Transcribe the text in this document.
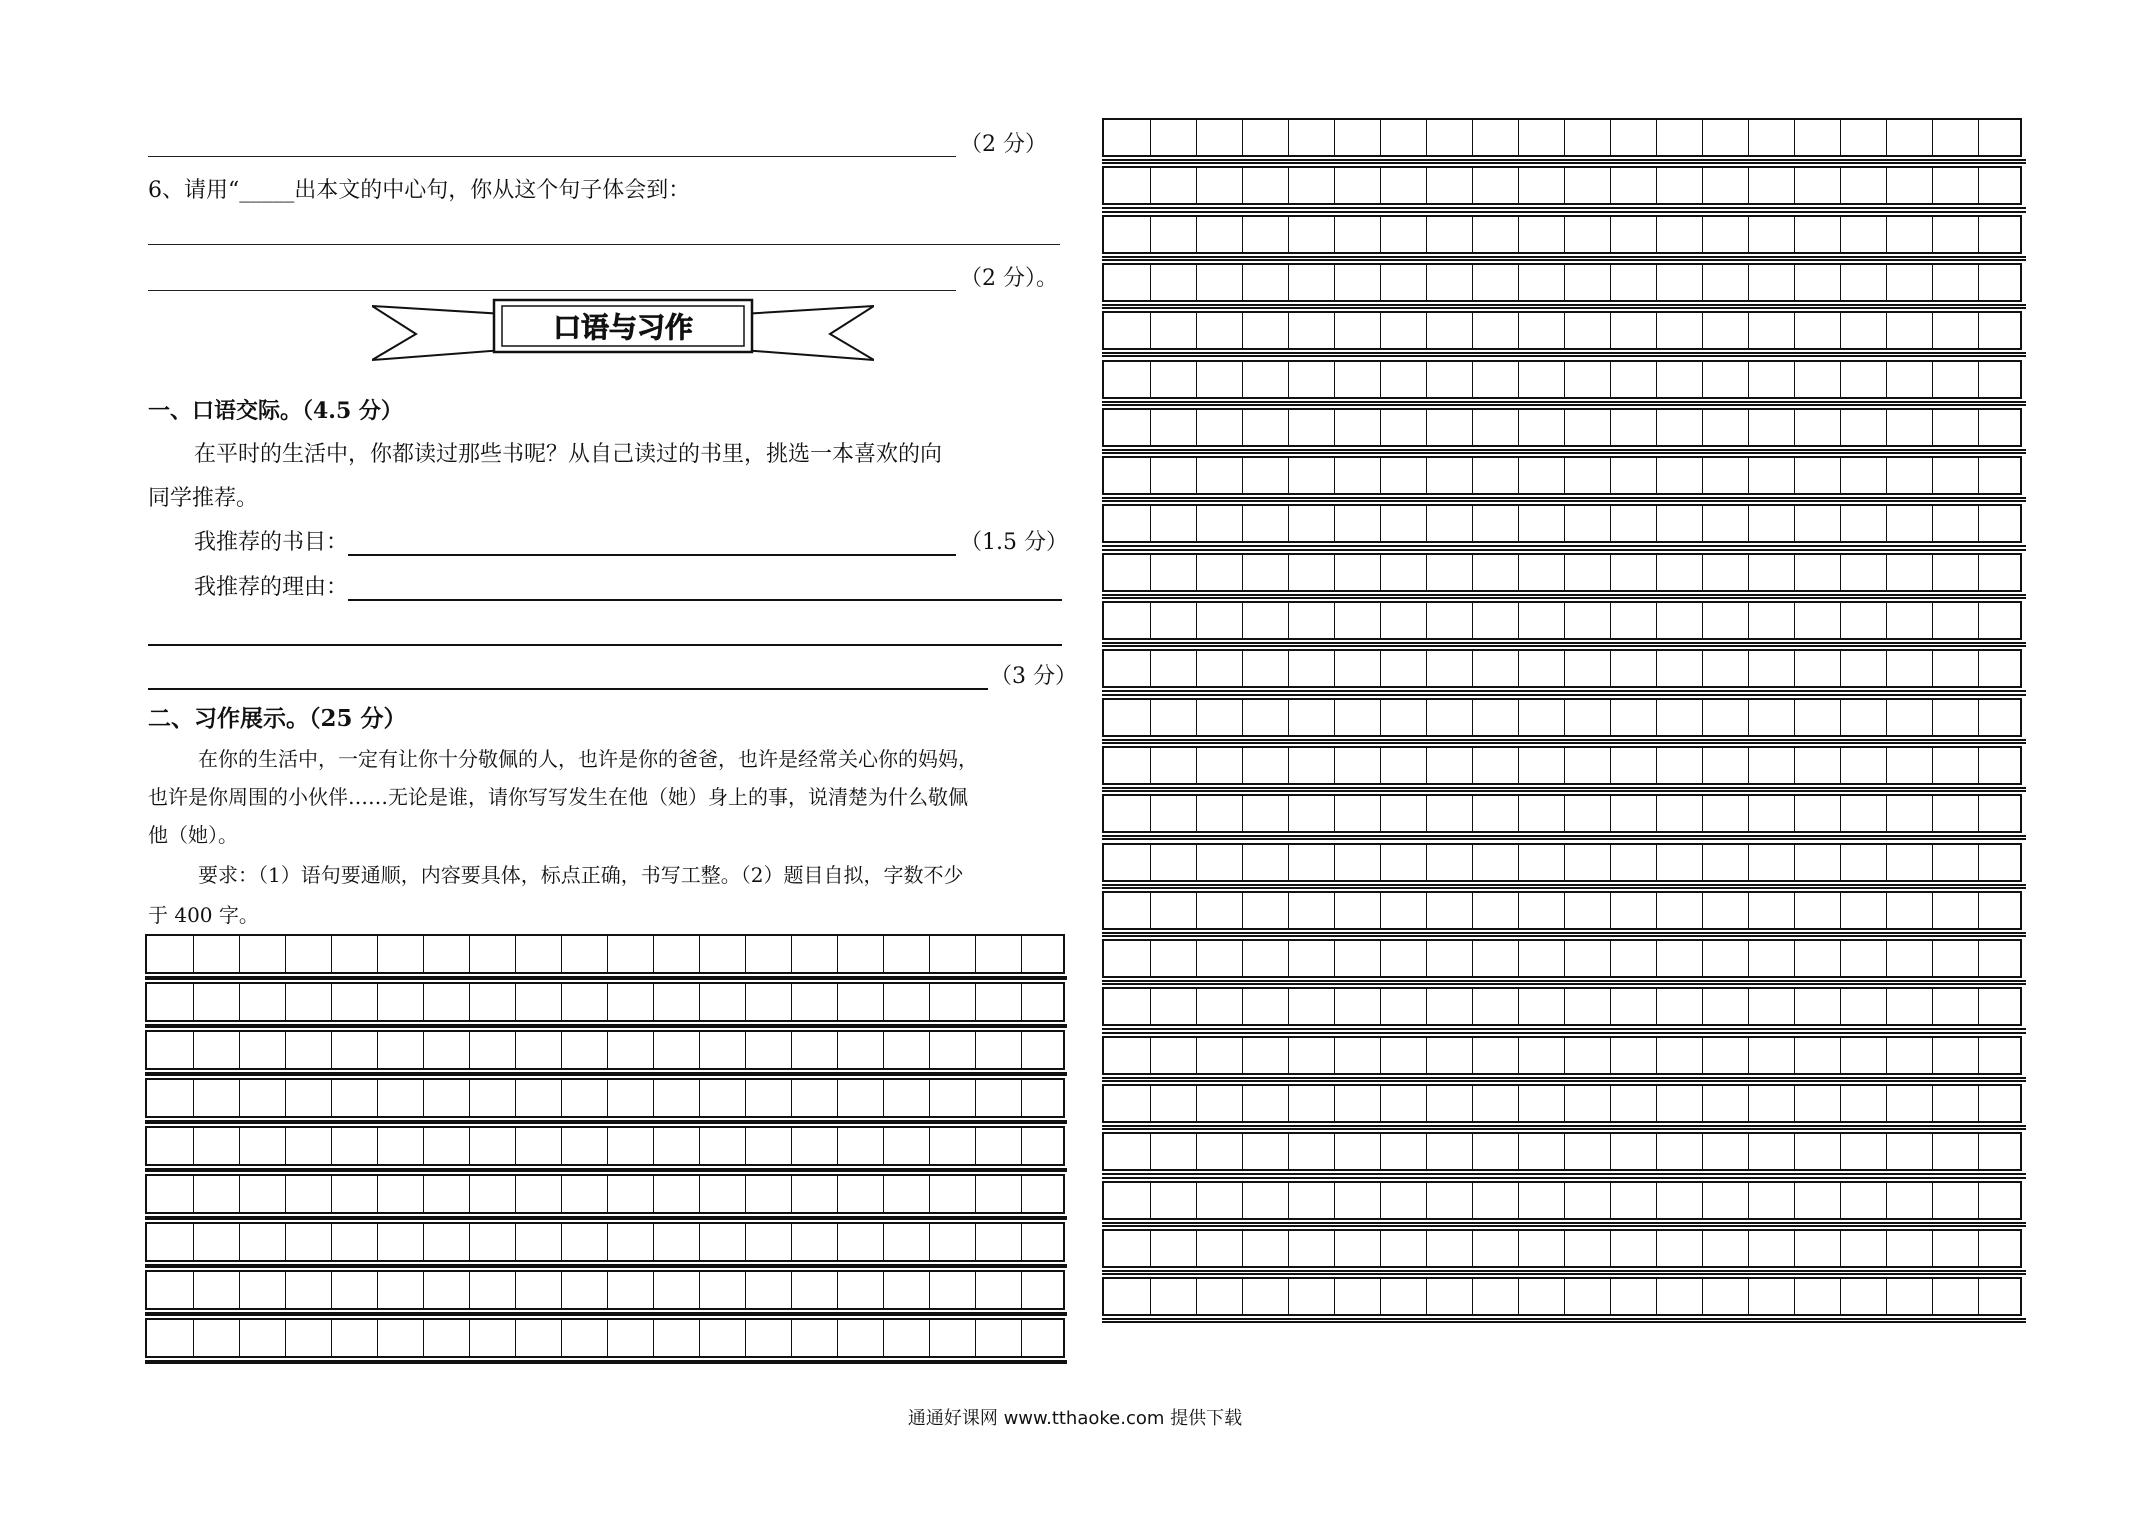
（2 分）
6、请用“_____出本文的中心句，你从这个句子体会到：
（2 分）。
口语与习作
一、口语交际。（4.5 分）
在平时的生活中，你都读过那些书呢？从自己读过的书里，挑选一本喜欢的向
同学推荐。
我推荐的书目：	（1.5 分）
我推荐的理由：
（3 分）
二、习作展示。（25 分）
在你的生活中，一定有让你十分敬佩的人，也许是你的爸爸，也许是经常关心你的妈妈，
也许是你周围的小伙伴……无论是谁，请你写写发生在他（她）身上的事，说清楚为什么敬佩
他（她）。
要求：（1）语句要通顺，内容要具体，标点正确，书写工整。（2）题目自拟，字数不少
于 400 字。
通通好课网 www.tthaoke.com 提供下载
